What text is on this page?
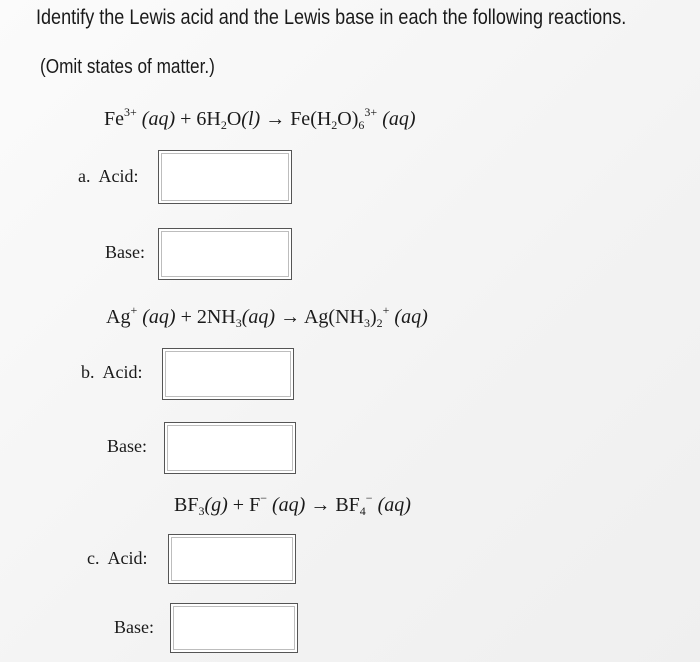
Identify the Lewis acid and the Lewis base in each the following reactions.
(Omit states of matter.)
$Fe^{3+}$ $(aq) + 6H_2O(l) \to Fe(H_2O)_6^{3+}$ (aq)
a. Acid:
Base:
Ag+ $(aq) + 2NH_3(aq) \to Ag(NH_3)_2^+$ (aq)
b. Acid:
Base:
$BF_3(g) + F^-$ $(aq) \to BF_4^-$ (aq)
c. Acid:
Base:
